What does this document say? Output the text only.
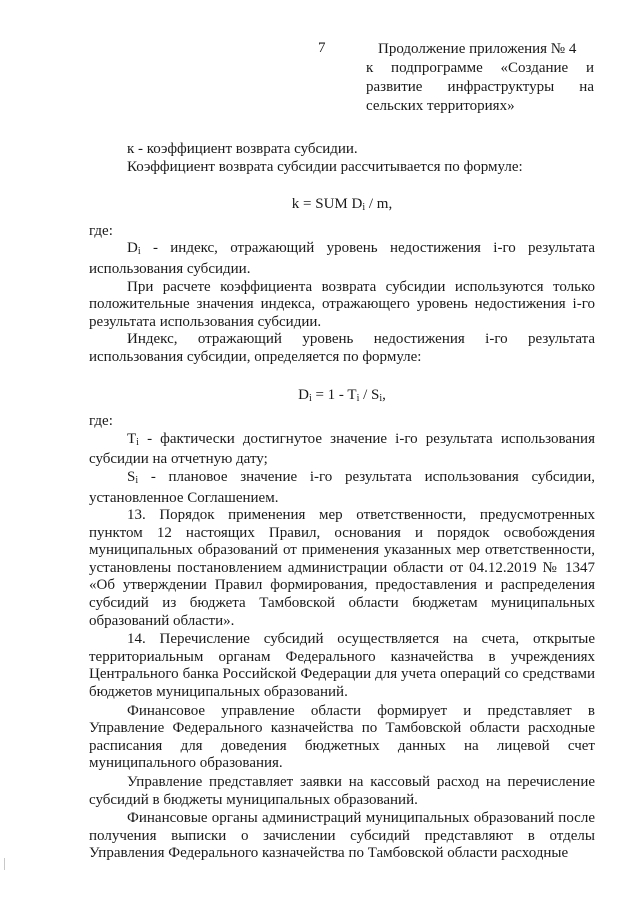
7	Продолжение приложения № 4
к подпрограмме «Создание и
развитие инфраструктуры на
сельских территориях»

к - коэффициент возврата субсидии.

Коэффициент возврата субсидии рассчитывается по формуле:

k = SUM $D_i$ / m,

где:

$D_i$ - индекс, отражающий уровень недостижения i-го результата использования субсидии.

При расчете коэффициента возврата субсидии используются только положительные значения индекса, отражающего уровень недостижения i-го результата использования субсидии.

Индекс, отражающий уровень недостижения i-го результата использования субсидии, определяется по формуле:

$D_i = 1 - T_i / S_i$,

где:

$T_i$ - фактически достигнутое значение i-го результата использования субсидии на отчетную дату;

$S_i$ - плановое значение i-го результата использования субсидии, установленное Соглашением.

13. Порядок применения мер ответственности, предусмотренных пунктом 12 настоящих Правил, основания и порядок освобождения муниципальных образований от применения указанных мер ответственности, установлены постановлением администрации области от 04.12.2019 № 1347 «Об утверждении Правил формирования, предоставления и распределения субсидий из бюджета Тамбовской области бюджетам муниципальных образований области».

14. Перечисление субсидий осуществляется на счета, открытые территориальным органам Федерального казначейства в учреждениях Центрального банка Российской Федерации для учета операций со средствами бюджетов муниципальных образований.

Финансовое управление области формирует и представляет в Управление Федерального казначейства по Тамбовской области расходные расписания для доведения бюджетных данных на лицевой счет муниципального образования.

Управление представляет заявки на кассовый расход на перечисление субсидий в бюджеты муниципальных образований.

Финансовые органы администраций муниципальных образований после получения выписки о зачислении субсидий представляют в отделы Управления Федерального казначейства по Тамбовской области расходные
